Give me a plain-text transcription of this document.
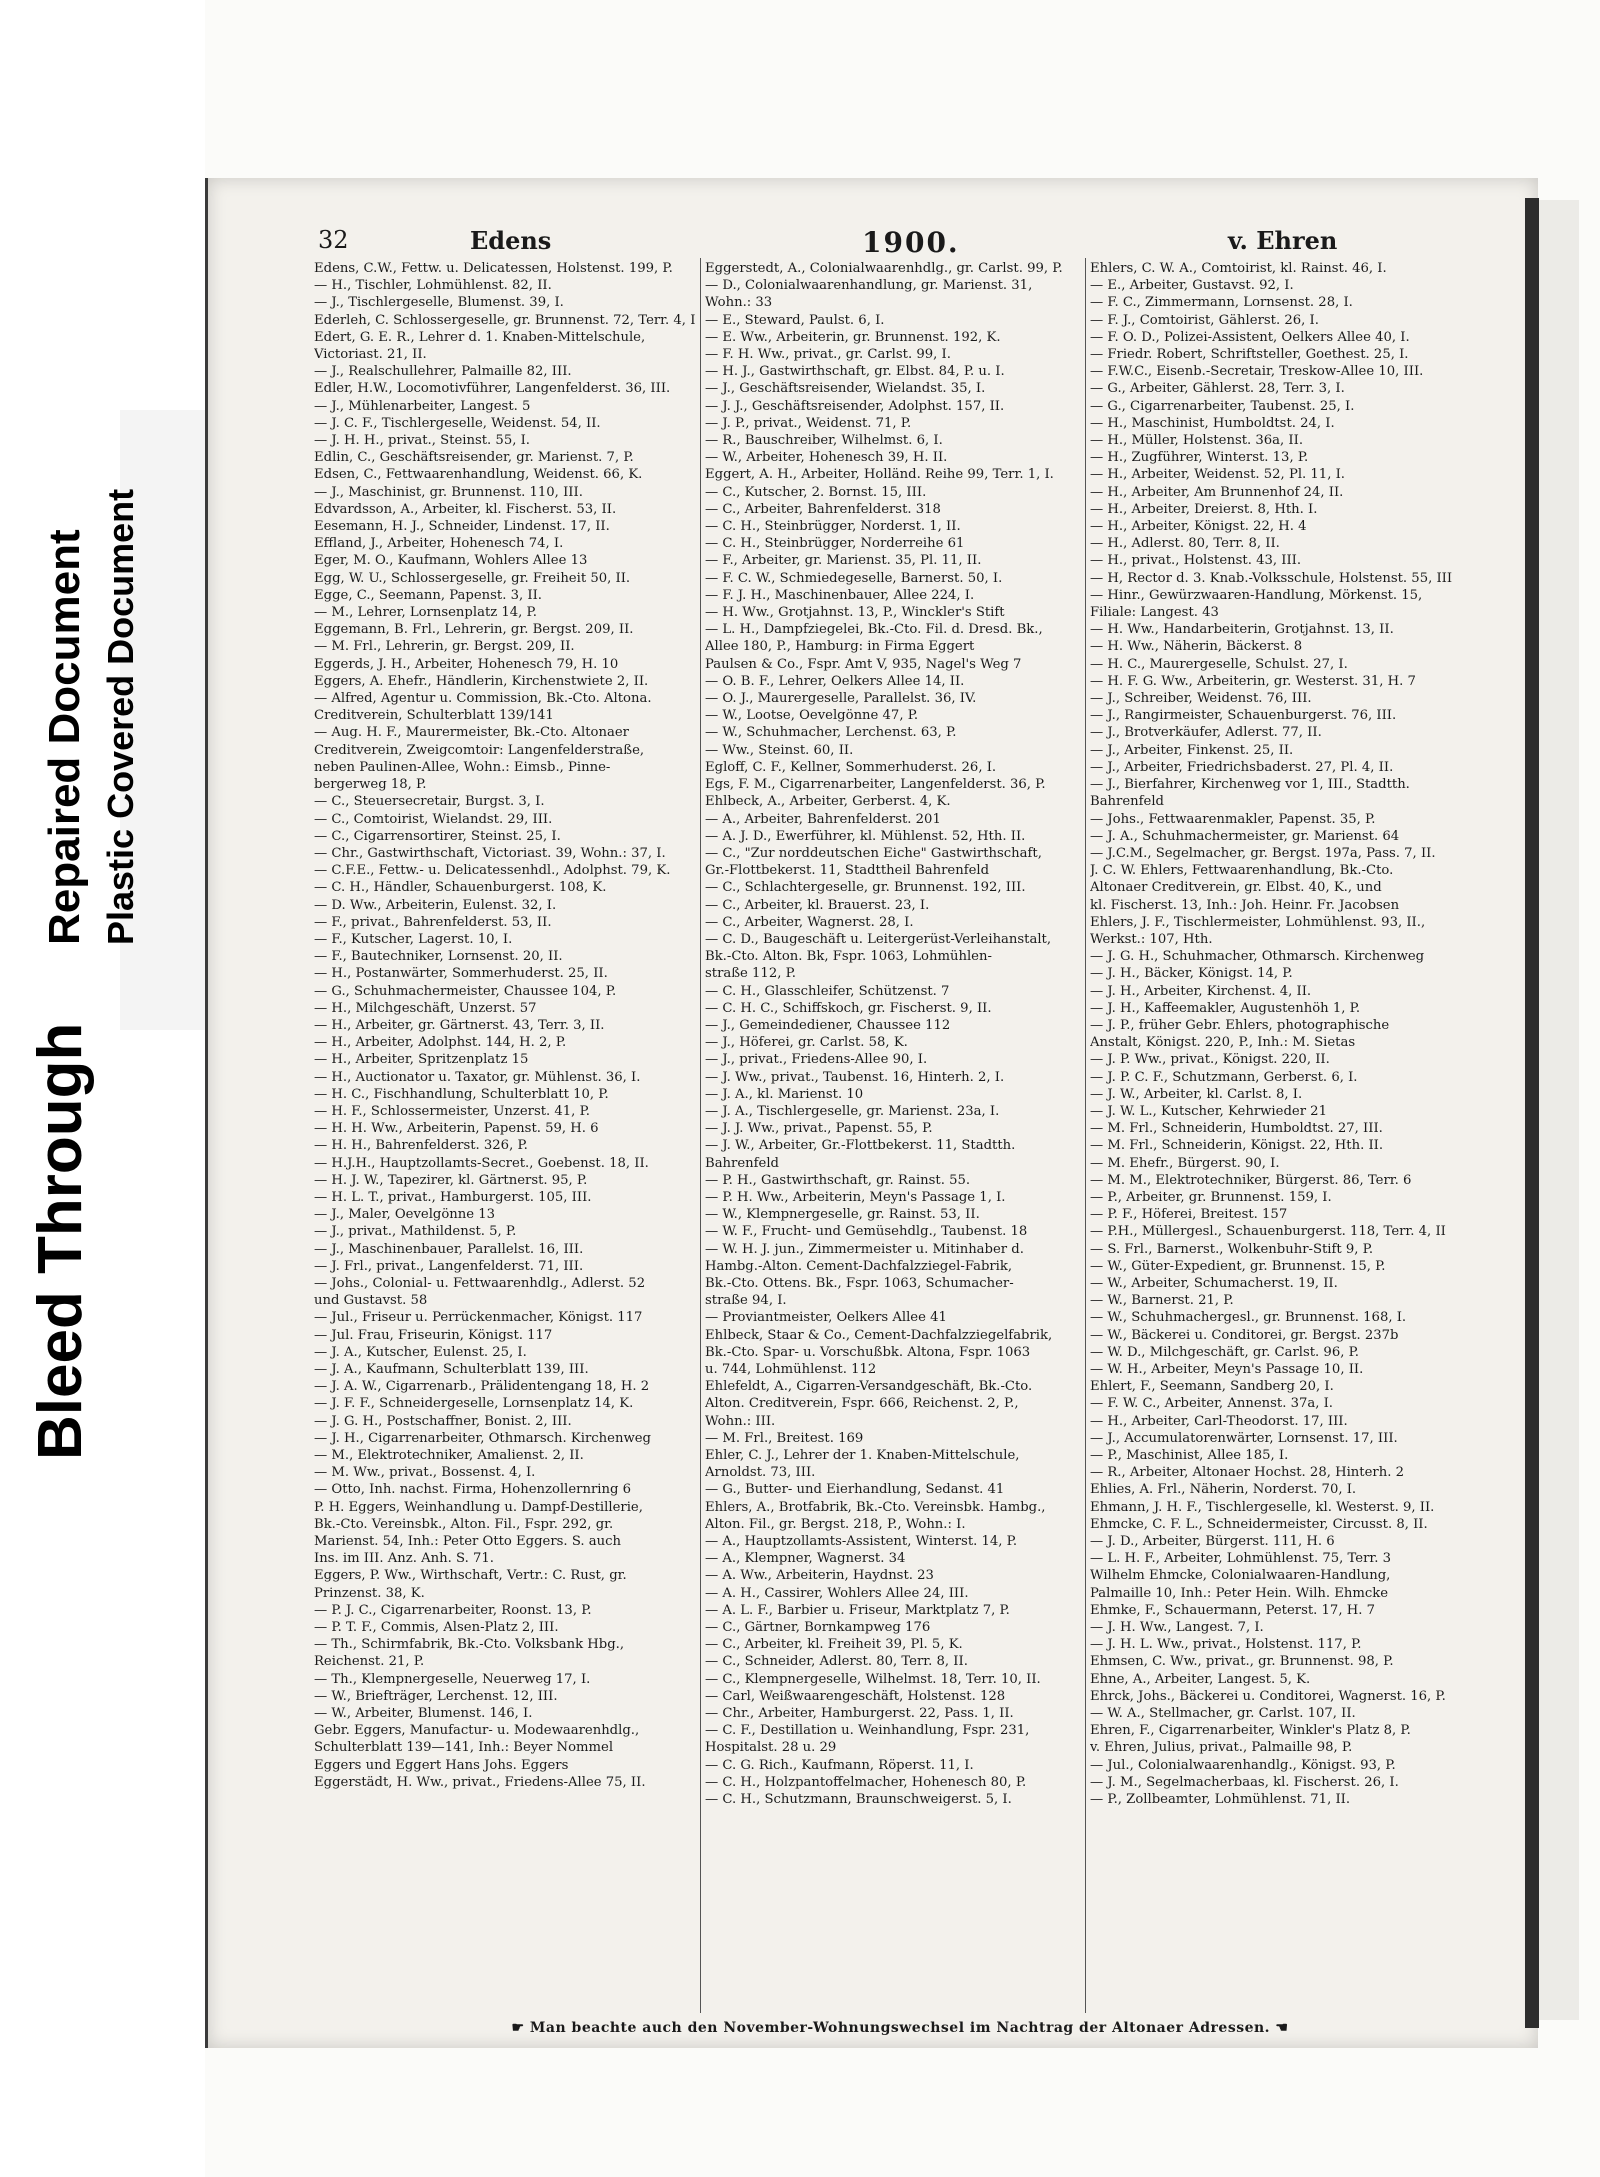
Bleed Through
Repaired Document Plastic Covered Document
32	Edens	1900.	v. Ehren
Edens, C.W., Fettw. u. Delicatessen, Holstenst. 199, P.
— H., Tischler, Lohmühlenst. 82, II.
— J., Tischlergeselle, Blumenst. 39, I.
Ederleh, C. Schlossergeselle, gr. Brunnenst. 72, Terr. 4, I
Edert, G. E. R., Lehrer d. 1. Knaben-Mittelschule,
Victoriast. 21, II.
— J., Realschullehrer, Palmaille 82, III.
Edler, H.W., Locomotivführer, Langenfelderst. 36, III.
— J., Mühlenarbeiter, Langest. 5
— J. C. F., Tischlergeselle, Weidenst. 54, II.
— J. H. H., privat., Steinst. 55, I.
Edlin, C., Geschäftsreisender, gr. Marienst. 7, P.
Edsen, C., Fettwaarenhandlung, Weidenst. 66, K.
— J., Maschinist, gr. Brunnenst. 110, III.
Edvardsson, A., Arbeiter, kl. Fischerst. 53, II.
Eesemann, H. J., Schneider, Lindenst. 17, II.
Effland, J., Arbeiter, Hohenesch 74, I.
Eger, M. O., Kaufmann, Wohlers Allee 13
Egg, W. U., Schlossergeselle, gr. Freiheit 50, II.
Egge, C., Seemann, Papenst. 3, II.
— M., Lehrer, Lornsenplatz 14, P.
Eggemann, B. Frl., Lehrerin, gr. Bergst. 209, II.
— M. Frl., Lehrerin, gr. Bergst. 209, II.
Eggerds, J. H., Arbeiter, Hohenesch 79, H. 10
Eggers, A. Ehefr., Händlerin, Kirchenstwiete 2, II.
— Alfred, Agentur u. Commission, Bk.-Cto. Altona.
Creditverein, Schulterblatt 139/141
— Aug. H. F., Maurermeister, Bk.-Cto. Altonaer
Creditverein, Zweigcomtoir: Langenfelderstraße,
neben Paulinen-Allee, Wohn.: Eimsb., Pinne-
bergerweg 18, P.
— C., Steuersecretair, Burgst. 3, I.
— C., Comtoirist, Wielandst. 29, III.
— C., Cigarrensortirer, Steinst. 25, I.
— Chr., Gastwirthschaft, Victoriast. 39, Wohn.: 37, I.
— C.F.E., Fettw.- u. Delicatessenhdl., Adolphst. 79, K.
— C. H., Händler, Schauenburgerst. 108, K.
— D. Ww., Arbeiterin, Eulenst. 32, I.
— F., privat., Bahrenfelderst. 53, II.
— F., Kutscher, Lagerst. 10, I.
— F., Bautechniker, Lornsenst. 20, II.
— H., Postanwärter, Sommerhuderst. 25, II.
— G., Schuhmachermeister, Chaussee 104, P.
— H., Milchgeschäft, Unzerst. 57
— H., Arbeiter, gr. Gärtnerst. 43, Terr. 3, II.
— H., Arbeiter, Adolphst. 144, H. 2, P.
— H., Arbeiter, Spritzenplatz 15
— H., Auctionator u. Taxator, gr. Mühlenst. 36, I.
— H. C., Fischhandlung, Schulterblatt 10, P.
— H. F., Schlossermeister, Unzerst. 41, P.
— H. H. Ww., Arbeiterin, Papenst. 59, H. 6
— H. H., Bahrenfelderst. 326, P.
— H.J.H., Hauptzollamts-Secret., Goebenst. 18, II.
— H. J. W., Tapezirer, kl. Gärtnerst. 95, P.
— H. L. T., privat., Hamburgerst. 105, III.
— J., Maler, Oevelgönne 13
— J., privat., Mathildenst. 5, P.
— J., Maschinenbauer, Parallelst. 16, III.
— J. Frl., privat., Langenfelderst. 71, III.
— Johs., Colonial- u. Fettwaarenhdlg., Adlerst. 52
und Gustavst. 58
— Jul., Friseur u. Perrückenmacher, Königst. 117
— Jul. Frau, Friseurin, Königst. 117
— J. A., Kutscher, Eulenst. 25, I.
— J. A., Kaufmann, Schulterblatt 139, III.
— J. A. W., Cigarrenarb., Prälidentengang 18, H. 2
— J. F. F., Schneidergeselle, Lornsenplatz 14, K.
— J. G. H., Postschaffner, Bonist. 2, III.
— J. H., Cigarrenarbeiter, Othmarsch. Kirchenweg
— M., Elektrotechniker, Amalienst. 2, II.
— M. Ww., privat., Bossenst. 4, I.
— Otto, Inh. nachst. Firma, Hohenzollernring 6
P. H. Eggers, Weinhandlung u. Dampf-Destillerie,
Bk.-Cto. Vereinsbk., Alton. Fil., Fspr. 292, gr.
Marienst. 54, Inh.: Peter Otto Eggers. S. auch
Ins. im III. Anz. Anh. S. 71.
Eggers, P. Ww., Wirthschaft, Vertr.: C. Rust, gr.
Prinzenst. 38, K.
— P. J. C., Cigarrenarbeiter, Roonst. 13, P.
— P. T. F., Commis, Alsen-Platz 2, III.
— Th., Schirmfabrik, Bk.-Cto. Volksbank Hbg.,
Reichenst. 21, P.
— Th., Klempnergeselle, Neuerweg 17, I.
— W., Briefträger, Lerchenst. 12, III.
— W., Arbeiter, Blumenst. 146, I.
Gebr. Eggers, Manufactur- u. Modewaarenhdlg.,
Schulterblatt 139—141, Inh.: Beyer Nommel
Eggers und Eggert Hans Johs. Eggers
Eggerstädt, H. Ww., privat., Friedens-Allee 75, II.
Eggerstedt, A., Colonialwaarenhdlg., gr. Carlst. 99, P.
— D., Colonialwaarenhandlung, gr. Marienst. 31,
Wohn.: 33
— E., Steward, Paulst. 6, I.
— E. Ww., Arbeiterin, gr. Brunnenst. 192, K.
— F. H. Ww., privat., gr. Carlst. 99, I.
— H. J., Gastwirthschaft, gr. Elbst. 84, P. u. I.
— J., Geschäftsreisender, Wielandst. 35, I.
— J. J., Geschäftsreisender, Adolphst. 157, II.
— J. P., privat., Weidenst. 71, P.
— R., Bauschreiber, Wilhelmst. 6, I.
— W., Arbeiter, Hohenesch 39, H. II.
Eggert, A. H., Arbeiter, Holländ. Reihe 99, Terr. 1, I.
— C., Kutscher, 2. Bornst. 15, III.
— C., Arbeiter, Bahrenfelderst. 318
— C. H., Steinbrügger, Norderst. 1, II.
— C. H., Steinbrügger, Norderreihe 61
— F., Arbeiter, gr. Marienst. 35, Pl. 11, II.
— F. C. W., Schmiedegeselle, Barnerst. 50, I.
— F. J. H., Maschinenbauer, Allee 224, I.
— H. Ww., Grotjahnst. 13, P., Winckler's Stift
— L. H., Dampfziegelei, Bk.-Cto. Fil. d. Dresd. Bk.,
Allee 180, P., Hamburg: in Firma Eggert
Paulsen & Co., Fspr. Amt V, 935, Nagel's Weg 7
— O. B. F., Lehrer, Oelkers Allee 14, II.
— O. J., Maurergeselle, Parallelst. 36, IV.
— W., Lootse, Oevelgönne 47, P.
— W., Schuhmacher, Lerchenst. 63, P.
— Ww., Steinst. 60, II.
Egloff, C. F., Kellner, Sommerhuderst. 26, I.
Egs, F. M., Cigarrenarbeiter, Langenfelderst. 36, P.
Ehlbeck, A., Arbeiter, Gerberst. 4, K.
— A., Arbeiter, Bahrenfelderst. 201
— A. J. D., Ewerführer, kl. Mühlenst. 52, Hth. II.
— C., "Zur norddeutschen Eiche" Gastwirthschaft,
Gr.-Flottbekerst. 11, Stadttheil Bahrenfeld
— C., Schlachtergeselle, gr. Brunnenst. 192, III.
— C., Arbeiter, kl. Brauerst. 23, I.
— C., Arbeiter, Wagnerst. 28, I.
— C. D., Baugeschäft u. Leitergerüst-Verleihanstalt,
Bk.-Cto. Alton. Bk, Fspr. 1063, Lohmühlen-
straße 112, P.
— C. H., Glasschleifer, Schützenst. 7
— C. H. C., Schiffskoch, gr. Fischerst. 9, II.
— J., Gemeindediener, Chaussee 112
— J., Höferei, gr. Carlst. 58, K.
— J., privat., Friedens-Allee 90, I.
— J. Ww., privat., Taubenst. 16, Hinterh. 2, I.
— J. A., kl. Marienst. 10
— J. A., Tischlergeselle, gr. Marienst. 23a, I.
— J. J. Ww., privat., Papenst. 55, P.
— J. W., Arbeiter, Gr.-Flottbekerst. 11, Stadtth.
Bahrenfeld
— P. H., Gastwirthschaft, gr. Rainst. 55.
— P. H. Ww., Arbeiterin, Meyn's Passage 1, I.
— W., Klempnergeselle, gr. Rainst. 53, II.
— W. F., Frucht- und Gemüsehdlg., Taubenst. 18
— W. H. J. jun., Zimmermeister u. Mitinhaber d.
Hambg.-Alton. Cement-Dachfalzziegel-Fabrik,
Bk.-Cto. Ottens. Bk., Fspr. 1063, Schumacher-
straße 94, I.
— Proviantmeister, Oelkers Allee 41
Ehlbeck, Staar & Co., Cement-Dachfalzziegelfabrik,
Bk.-Cto. Spar- u. Vorschußbk. Altona, Fspr. 1063
u. 744, Lohmühlenst. 112
Ehlefeldt, A., Cigarren-Versandgeschäft, Bk.-Cto.
Alton. Creditverein, Fspr. 666, Reichenst. 2, P.,
Wohn.: III.
— M. Frl., Breitest. 169
Ehler, C. J., Lehrer der 1. Knaben-Mittelschule,
Arnoldst. 73, III.
— G., Butter- und Eierhandlung, Sedanst. 41
Ehlers, A., Brotfabrik, Bk.-Cto. Vereinsbk. Hambg.,
Alton. Fil., gr. Bergst. 218, P., Wohn.: I.
— A., Hauptzollamts-Assistent, Winterst. 14, P.
— A., Klempner, Wagnerst. 34
— A. Ww., Arbeiterin, Haydnst. 23
— A. H., Cassirer, Wohlers Allee 24, III.
— A. L. F., Barbier u. Friseur, Marktplatz 7, P.
— C., Gärtner, Bornkampweg 176
— C., Arbeiter, kl. Freiheit 39, Pl. 5, K.
— C., Schneider, Adlerst. 80, Terr. 8, II.
— C., Klempnergeselle, Wilhelmst. 18, Terr. 10, II.
— Carl, Weißwaarengeschäft, Holstenst. 128
— Chr., Arbeiter, Hamburgerst. 22, Pass. 1, II.
— C. F., Destillation u. Weinhandlung, Fspr. 231,
Hospitalst. 28 u. 29
— C. G. Rich., Kaufmann, Röperst. 11, I.
— C. H., Holzpantoffelmacher, Hohenesch 80, P.
— C. H., Schutzmann, Braunschweigerst. 5, I.
Ehlers, C. W. A., Comtoirist, kl. Rainst. 46, I.
— E., Arbeiter, Gustavst. 92, I.
— F. C., Zimmermann, Lornsenst. 28, I.
— F. J., Comtoirist, Gählerst. 26, I.
— F. O. D., Polizei-Assistent, Oelkers Allee 40, I.
— Friedr. Robert, Schriftsteller, Goethest. 25, I.
— F.W.C., Eisenb.-Secretair, Treskow-Allee 10, III.
— G., Arbeiter, Gählerst. 28, Terr. 3, I.
— G., Cigarrenarbeiter, Taubenst. 25, I.
— H., Maschinist, Humboldtst. 24, I.
— H., Müller, Holstenst. 36a, II.
— H., Zugführer, Winterst. 13, P.
— H., Arbeiter, Weidenst. 52, Pl. 11, I.
— H., Arbeiter, Am Brunnenhof 24, II.
— H., Arbeiter, Dreierst. 8, Hth. I.
— H., Arbeiter, Königst. 22, H. 4
— H., Adlerst. 80, Terr. 8, II.
— H., privat., Holstenst. 43, III.
— H, Rector d. 3. Knab.-Volksschule, Holstenst. 55, III
— Hinr., Gewürzwaaren-Handlung, Mörkenst. 15,
Filiale: Langest. 43
— H. Ww., Handarbeiterin, Grotjahnst. 13, II.
— H. Ww., Näherin, Bäckerst. 8
— H. C., Maurergeselle, Schulst. 27, I.
— H. F. G. Ww., Arbeiterin, gr. Westerst. 31, H. 7
— J., Schreiber, Weidenst. 76, III.
— J., Rangirmeister, Schauenburgerst. 76, III.
— J., Brotverkäufer, Adlerst. 77, II.
— J., Arbeiter, Finkenst. 25, II.
— J., Arbeiter, Friedrichsbaderst. 27, Pl. 4, II.
— J., Bierfahrer, Kirchenweg vor 1, III., Stadtth.
Bahrenfeld
— Johs., Fettwaarenmakler, Papenst. 35, P.
— J. A., Schuhmachermeister, gr. Marienst. 64
— J.C.M., Segelmacher, gr. Bergst. 197a, Pass. 7, II.
J. C. W. Ehlers, Fettwaarenhandlung, Bk.-Cto.
Altonaer Creditverein, gr. Elbst. 40, K., und
kl. Fischerst. 13, Inh.: Joh. Heinr. Fr. Jacobsen
Ehlers, J. F., Tischlermeister, Lohmühlenst. 93, II.,
Werkst.: 107, Hth.
— J. G. H., Schuhmacher, Othmarsch. Kirchenweg
— J. H., Bäcker, Königst. 14, P.
— J. H., Arbeiter, Kirchenst. 4, II.
— J. H., Kaffeemakler, Augustenhöh 1, P.
— J. P., früher Gebr. Ehlers, photographische
Anstalt, Königst. 220, P., Inh.: M. Sietas
— J. P. Ww., privat., Königst. 220, II.
— J. P. C. F., Schutzmann, Gerberst. 6, I.
— J. W., Arbeiter, kl. Carlst. 8, I.
— J. W. L., Kutscher, Kehrwieder 21
— M. Frl., Schneiderin, Humboldtst. 27, III.
— M. Frl., Schneiderin, Königst. 22, Hth. II.
— M. Ehefr., Bürgerst. 90, I.
— M. M., Elektrotechniker, Bürgerst. 86, Terr. 6
— P., Arbeiter, gr. Brunnenst. 159, I.
— P. F., Höferei, Breitest. 157
— P.H., Müllergesl., Schauenburgerst. 118, Terr. 4, II
— S. Frl., Barnerst., Wolkenbuhr-Stift 9, P.
— W., Güter-Expedient, gr. Brunnenst. 15, P.
— W., Arbeiter, Schumacherst. 19, II.
— W., Barnerst. 21, P.
— W., Schuhmachergesl., gr. Brunnenst. 168, I.
— W., Bäckerei u. Conditorei, gr. Bergst. 237b
— W. D., Milchgeschäft, gr. Carlst. 96, P.
— W. H., Arbeiter, Meyn's Passage 10, II.
Ehlert, F., Seemann, Sandberg 20, I.
— F. W. C., Arbeiter, Annenst. 37a, I.
— H., Arbeiter, Carl-Theodorst. 17, III.
— J., Accumulatorenwärter, Lornsenst. 17, III.
— P., Maschinist, Allee 185, I.
— R., Arbeiter, Altonaer Hochst. 28, Hinterh. 2
Ehlies, A. Frl., Näherin, Norderst. 70, I.
Ehmann, J. H. F., Tischlergeselle, kl. Westerst. 9, II.
Ehmcke, C. F. L., Schneidermeister, Circusst. 8, II.
— J. D., Arbeiter, Bürgerst. 111, H. 6
— L. H. F., Arbeiter, Lohmühlenst. 75, Terr. 3
Wilhelm Ehmcke, Colonialwaaren-Handlung,
Palmaille 10, Inh.: Peter Hein. Wilh. Ehmcke
Ehmke, F., Schauermann, Peterst. 17, H. 7
— J. H. Ww., Langest. 7, I.
— J. H. L. Ww., privat., Holstenst. 117, P.
Ehmsen, C. Ww., privat., gr. Brunnenst. 98, P.
Ehne, A., Arbeiter, Langest. 5, K.
Ehrck, Johs., Bäckerei u. Conditorei, Wagnerst. 16, P.
— W. A., Stellmacher, gr. Carlst. 107, II.
Ehren, F., Cigarrenarbeiter, Winkler's Platz 8, P.
v. Ehren, Julius, privat., Palmaille 98, P.
— Jul., Colonialwaarenhandlg., Königst. 93, P.
— J. M., Segelmacherbaas, kl. Fischerst. 26, I.
— P., Zollbeamter, Lohmühlenst. 71, II.
☛ Man beachte auch den November-Wohnungswechsel im Nachtrag der Altonaer Adressen. ☚
